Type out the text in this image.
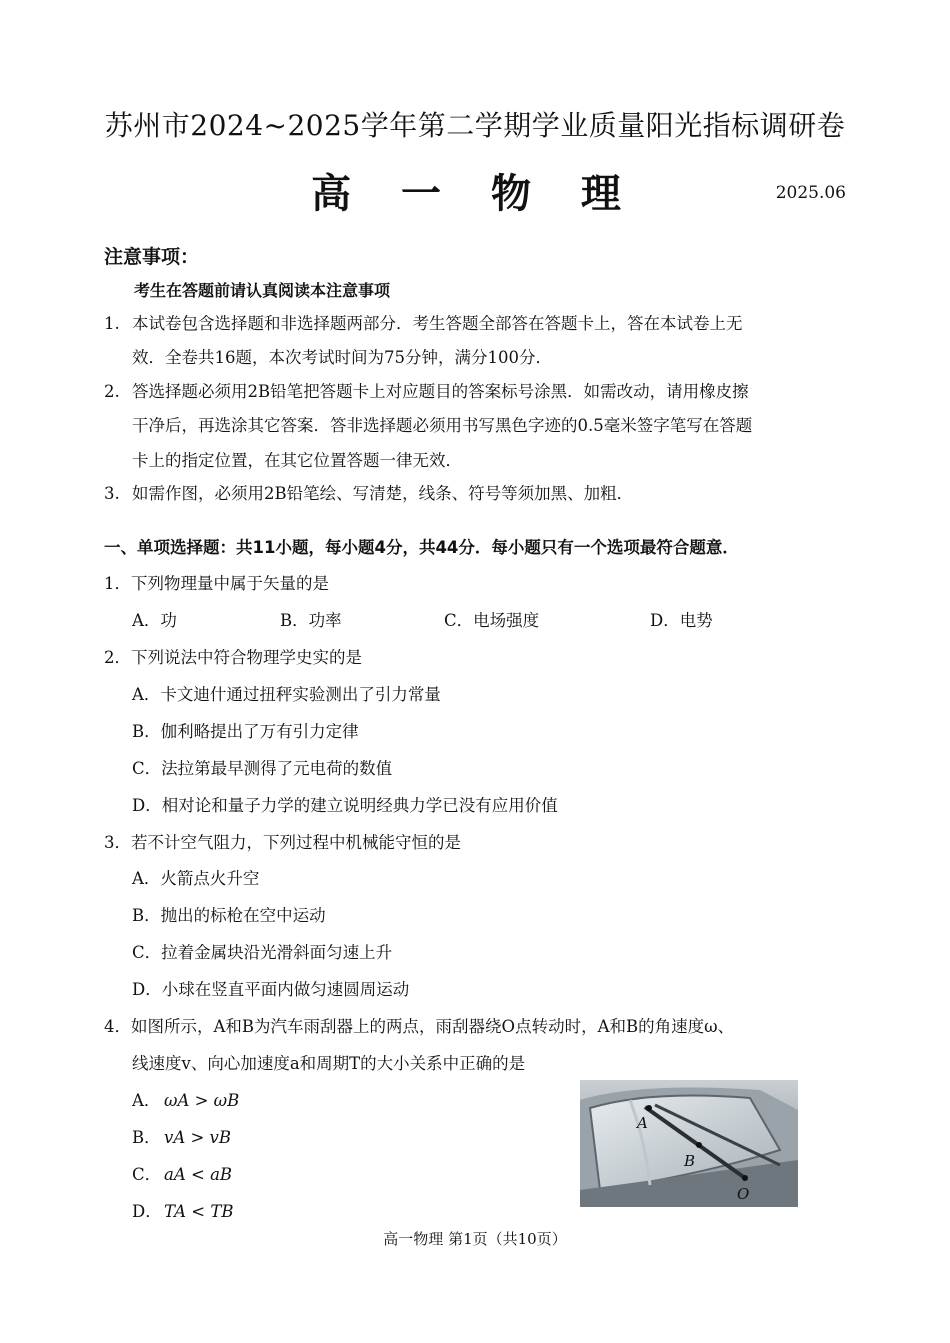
苏州市2024~2025学年第二学期学业质量阳光指标调研卷
高 一 物 理	2025.06
注意事项：
考生在答题前请认真阅读本注意事项
1. 本试卷包含选择题和非选择题两部分．考生答题全部答在答题卡上，答在本试卷上无
效．全卷共16题，本次考试时间为75分钟，满分100分．
2. 答选择题必须用2B铅笔把答题卡上对应题目的答案标号涂黑．如需改动，请用橡皮擦
干净后，再选涂其它答案．答非选择题必须用书写黑色字迹的0.5毫米签字笔写在答题
卡上的指定位置，在其它位置答题一律无效．
3. 如需作图，必须用2B铅笔绘、写清楚，线条、符号等须加黑、加粗．
一、单项选择题：共11小题，每小题4分，共44分．每小题只有一个选项最符合题意．
1．下列物理量中属于矢量的是
A．功	B．功率	C．电场强度	D．电势
2．下列说法中符合物理学史实的是
A．卡文迪什通过扭秤实验测出了引力常量
B．伽利略提出了万有引力定律
C．法拉第最早测得了元电荷的数值
D．相对论和量子力学的建立说明经典力学已没有应用价值
3．若不计空气阻力，下列过程中机械能守恒的是
A．火箭点火升空
B．抛出的标枪在空中运动
C．拉着金属块沿光滑斜面匀速上升
D．小球在竖直平面内做匀速圆周运动
4．如图所示，A和B为汽车雨刮器上的两点，雨刮器绕O点转动时，A和B的角速度ω、
线速度v、向心加速度a和周期T的大小关系中正确的是
A． ωA > ωB
B． vA > vB
C． aA < aB
D． TA < TB
A
B
O
高一物理 第1页（共10页）
